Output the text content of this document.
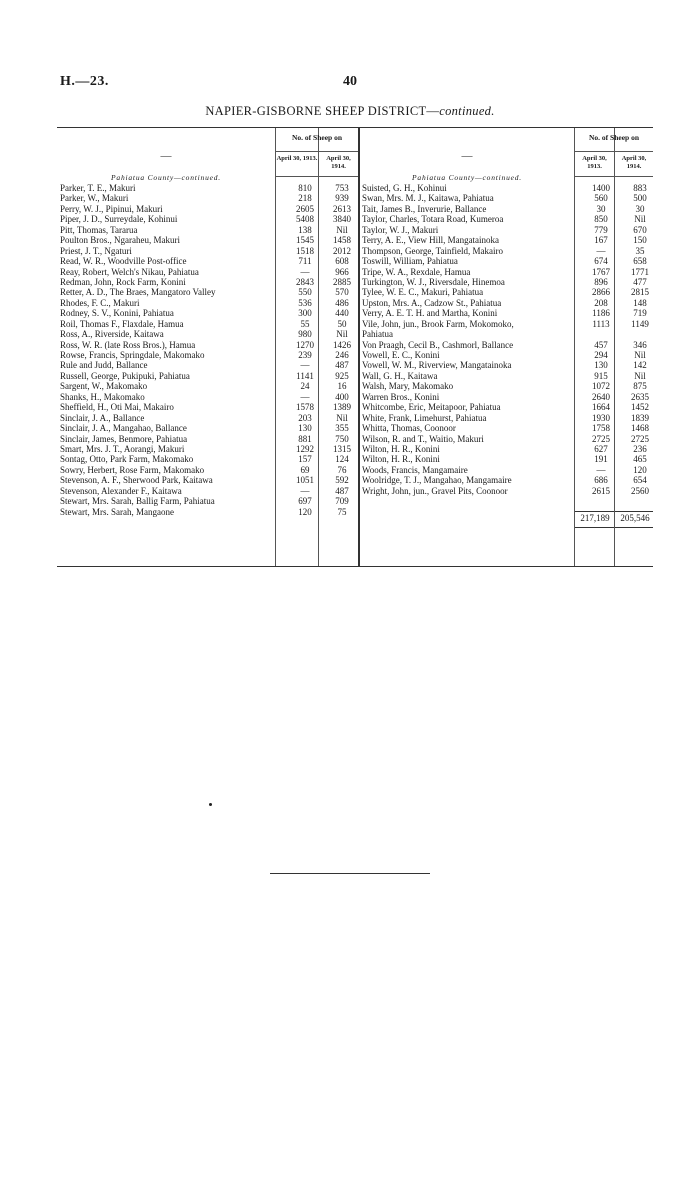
H.—23.	40
NAPIER-GISBORNE SHEEP DISTRICT—continued.
No. of Sheep on
April 30, 1913.	April 30, 1914.
No. of Sheep on
April 30, 1913.
April 30, 1914.
—
Pahiatua County—continued.
Parker, T. E., Makuri	810	753
Parker, W., Makuri	218	939
Perry, W. J., Pipinui, Makuri	2605	2613
Piper, J. D., Surreydale, Kohinui	5408	3840
Pitt, Thomas, Tararua	138	Nil
Poulton Bros., Ngaraheu, Makuri	1545	1458
Priest, J. T., Ngaturi	1518	2012
Read, W. R., Woodville Post-office	711	608
Reay, Robert, Welch's Nikau, Pahiatua	—	966
Redman, John, Rock Farm, Konini	2843	2885
Retter, A. D., The Braes, Mangatoro Valley	550	570
Rhodes, F. C., Makuri	536	486
Rodney, S. V., Konini, Pahiatua	300	440
Roil, Thomas F., Flaxdale, Hamua	55	50
Ross, A., Riverside, Kaitawa	980	Nil
Ross, W. R. (late Ross Bros.), Hamua	1270	1426
Rowse, Francis, Springdale, Makomako	239	246
Rule and Judd, Ballance	—	487
Russell, George, Pukipuki, Pahiatua	1141	925
Sargent, W., Makomako	24	16
Shanks, H., Makomako	—	400
Sheffield, H., Oti Mai, Makairo	1578	1389
Sinclair, J. A., Ballance	203	Nil
Sinclair, J. A., Mangahao, Ballance	130	355
Sinclair, James, Benmore, Pahiatua	881	750
Smart, Mrs. J. T., Aorangi, Makuri	1292	1315
Sontag, Otto, Park Farm, Makomako	157	124
Sowry, Herbert, Rose Farm, Makomako	69	76
Stevenson, A. F., Sherwood Park, Kaitawa	1051	592
Stevenson, Alexander F., Kaitawa	—	487
Stewart, Mrs. Sarah, Ballig Farm, Pahiatua	697	709
Stewart, Mrs. Sarah, Mangaone	120	75
—
Pahiatua County—continued.
Suisted, G. H., Kohinui	1400	883
Swan, Mrs. M. J., Kaitawa, Pahiatua	560	500
Tait, James B., Inverurie, Ballance	30	30
Taylor, Charles, Totara Road, Kumeroa	850	Nil
Taylor, W. J., Makuri	779	670
Terry, A. E., View Hill, Mangatainoka	167	150
Thompson, George, Tainfield, Makairo	—	35
Toswill, William, Pahiatua	674	658
Tripe, W. A., Rexdale, Hamua	1767	1771
Turkington, W. J., Riversdale, Hinemoa	896	477
Tylee, W. E. C., Makuri, Pahiatua	2866	2815
Upston, Mrs. A., Cadzow St., Pahiatua	208	148
Verry, A. E. T. H. and Martha, Konini	1186	719
Vile, John, jun., Brook Farm, Mokomoko,	1113	1149
Pahiatua
Von Praagh, Cecil B., Cashmorl, Ballance	457	346
Vowell, E. C., Konini	294	Nil
Vowell, W. M., Riverview, Mangatainoka	130	142
Wall, G. H., Kaitawa	915	Nil
Walsh, Mary, Makomako	1072	875
Warren Bros., Konini	2640	2635
Whitcombe, Eric, Meitapoor, Pahiatua	1664	1452
White, Frank, Limehurst, Pahiatua	1930	1839
Whitta, Thomas, Coonoor	1758	1468
Wilson, R. and T., Waitio, Makuri	2725	2725
Wilton, H. R., Konini	627	236
Wilton, H. R., Konini	191	465
Woods, Francis, Mangamaire	—	120
Woolridge, T. J., Mangahao, Mangamaire	686	654
Wright, John, jun., Gravel Pits, Coonoor	2615	2560
217,189	205,546
